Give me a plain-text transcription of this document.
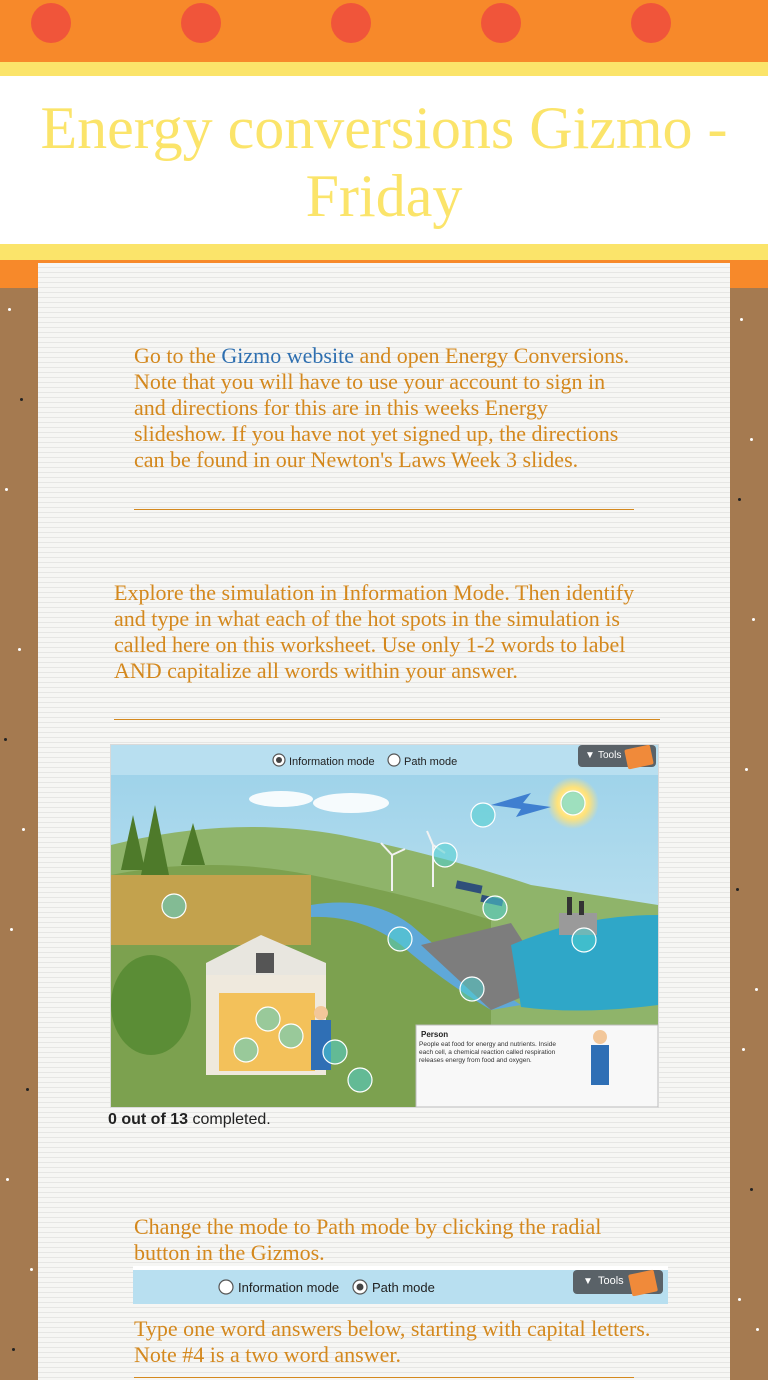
Energy conversions Gizmo - Friday
Go to the Gizmo website and open Energy Conversions. Note that you will have to use your account to sign in and directions for this are in this weeks Energy slideshow. If you have not yet signed up, the directions can be found in our Newton's Laws Week 3 slides.
Explore the simulation in Information Mode. Then identify and type in what each of the hot spots in the simulation is called here on this worksheet. Use only 1-2 words to label AND capitalize all words within your answer.
Information mode	Path mode
▼ Tools
Person
People eat food for energy and nutrients. Inside each cell, a chemical reaction called respiration releases energy from food and oxygen.
0 out of 13 completed.
Change the mode to Path mode by clicking the radial button in the Gizmos.
Information mode	Path mode	▼ Tools
Type one word answers below, starting with capital letters. Note #4 is a two word answer.
